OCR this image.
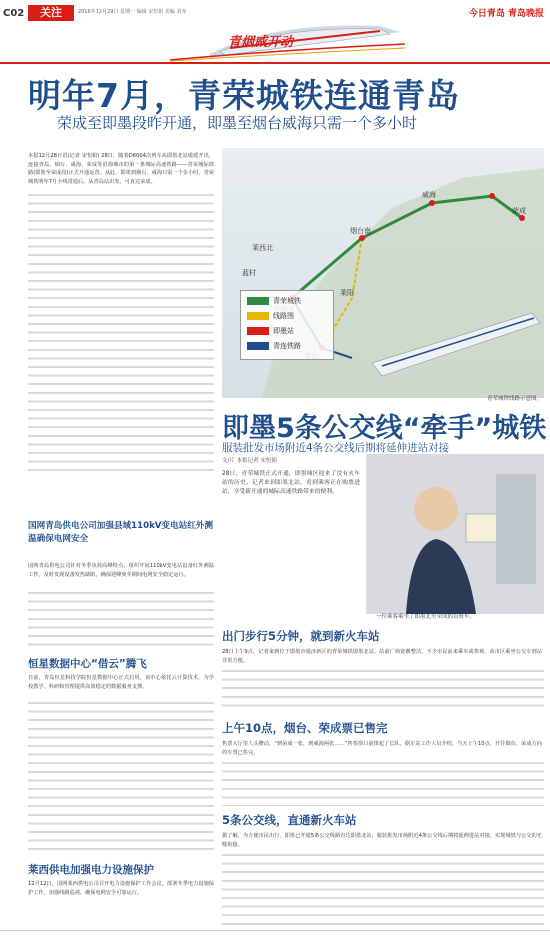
C02	关注	2016年12月29日 星期一 编辑 宋恒娟 美编 刘亦	今日青岛 青岛晚报
青烟威开动
明年7月，青荣城铁连通青岛
荣成至即墨段昨开通，即墨至烟台威海只需一个多小时
本报12月28日讯(记者 宋恒娟) 28日，随着D6004次列车从即墨北站缓缓开出，连接青岛、烟台、威海、荣成等沿海城市的第一条城际高速铁路——青荣城际铁路(即墨至荣成段)正式开通运营。从此，即墨到烟台、威海只需一个多小时。青荣城铁明年7月全线贯通后，从青岛站出发，可直达荣成。
烟台南
威海
荣成
莱阳
蓝村
莱西北
青荣城铁
线路图
即墨站
青连铁路
青荣城铁线路示意图。
即墨5条公交线“牵手”城铁
服装批发市场附近4条公交线后期将延伸进站对接
文/片 本报记者 宋恒娟
28日，青荣城铁正式开通，即墨城区迎来了没有火车站的历史。记者来到即墨北站，看到乘客正在购票进站，享受新开通的城际高速铁路带来的便利。
一位乘客乘坐了即墨北至荣成的首班车。
国网青岛供电公司加强县域110kV变电站红外测温确保电网安全
国网青岛供电公司针对冬季负荷高峰特点，组织开展110kV变电站设备红外测温工作，及时发现设备发热缺陷，确保迎峰度冬期间电网安全稳定运行。
恒星数据中心“借云”腾飞
日前，青岛恒星科技学院恒星数据中心正式启用。该中心依托云计算技术，为学校教学、科研和管理提供高效稳定的数据服务支撑。
莱西供电加强电力设施保护
12月12日，国网莱西供电公司召开电力设施保护工作会议，部署冬季电力设施保护工作，加强线路巡视，确保电网安全可靠运行。
出门步行5分钟，就到新火车站
28日上午9点，记者来到位于即墨市通济新区的青荣城铁即墨北站。站前广场宽敞整洁，不少市民前来乘车或参观，从市区乘坐公交车到站非常方便。
上午10点，烟台、荣成票已售完
售票大厅里人头攒动，“到荣成一张，到威海两张……”售票窗口前排起了长队。据车站工作人员介绍，当天上午10点，开往烟台、荣成方向的车票已售完。
5条公交线，直通新火车站
据了解，为方便市民出行，即墨已开通5条公交线路直达即墨北站，服装批发市场附近4条公交线后期将延伸进站对接，实现城铁与公交的无缝衔接。
